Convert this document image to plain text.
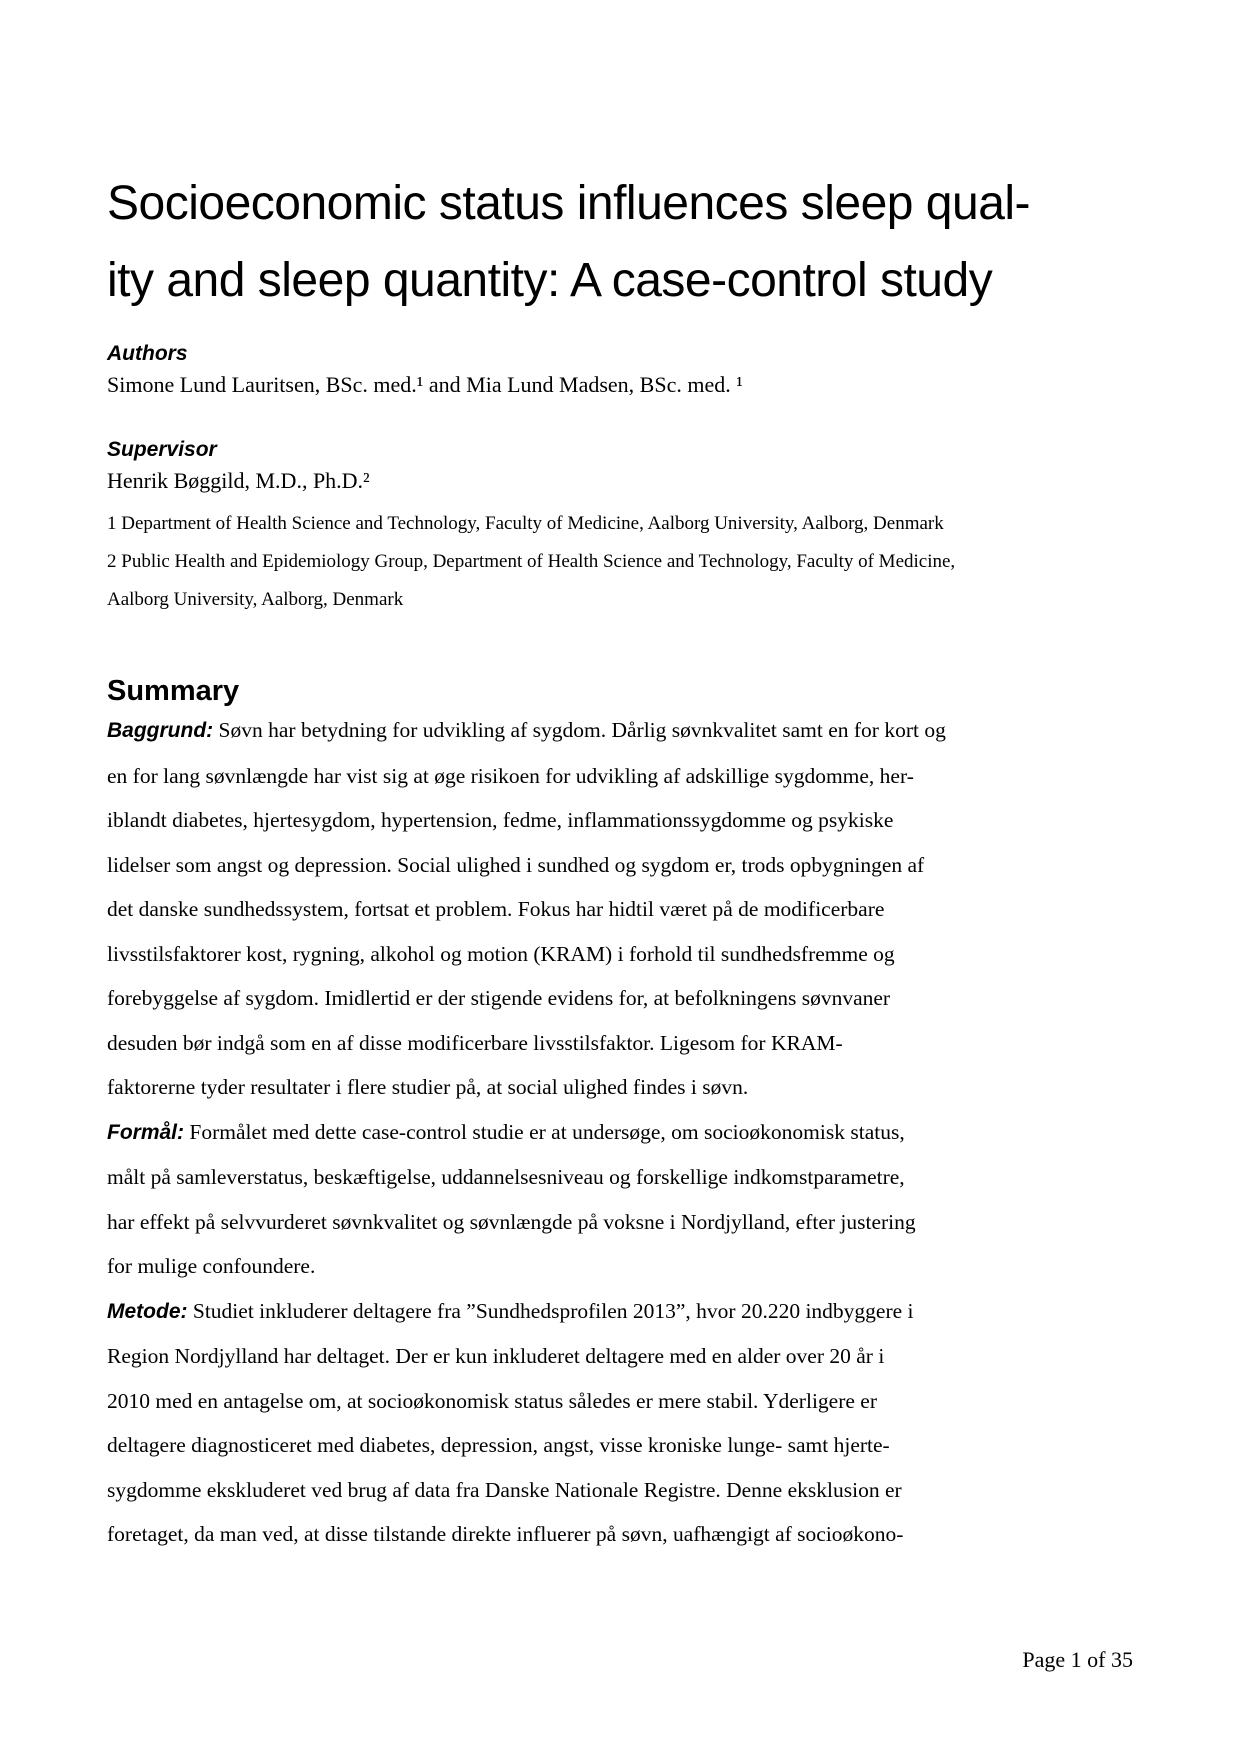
Socioeconomic status influences sleep qual-
ity and sleep quantity: A case-control study
Authors
Simone Lund Lauritsen, BSc. med.¹ and Mia Lund Madsen, BSc. med. ¹
Supervisor
Henrik Bøggild, M.D., Ph.D.²
1 Department of Health Science and Technology, Faculty of Medicine, Aalborg University, Aalborg, Denmark
2 Public Health and Epidemiology Group, Department of Health Science and Technology, Faculty of Medicine,
Aalborg University, Aalborg, Denmark
Summary
Baggrund: Søvn har betydning for udvikling af sygdom. Dårlig søvnkvalitet samt en for kort og
en for lang søvnlængde har vist sig at øge risikoen for udvikling af adskillige sygdomme, her-
iblandt diabetes, hjertesygdom, hypertension, fedme, inflammationssygdomme og psykiske
lidelser som angst og depression. Social ulighed i sundhed og sygdom er, trods opbygningen af
det danske sundhedssystem, fortsat et problem. Fokus har hidtil været på de modificerbare
livsstilsfaktorer kost, rygning, alkohol og motion (KRAM) i forhold til sundhedsfremme og
forebyggelse af sygdom. Imidlertid er der stigende evidens for, at befolkningens søvnvaner
desuden bør indgå som en af disse modificerbare livsstilsfaktor. Ligesom for KRAM-
faktorerne tyder resultater i flere studier på, at social ulighed findes i søvn.
Formål: Formålet med dette case-control studie er at undersøge, om socioøkonomisk status,
målt på samleverstatus, beskæftigelse, uddannelsesniveau og forskellige indkomstparametre,
har effekt på selvvurderet søvnkvalitet og søvnlængde på voksne i Nordjylland, efter justering
for mulige confoundere.
Metode: Studiet inkluderer deltagere fra ”Sundhedsprofilen 2013”, hvor 20.220 indbyggere i
Region Nordjylland har deltaget. Der er kun inkluderet deltagere med en alder over 20 år i
2010 med en antagelse om, at socioøkonomisk status således er mere stabil. Yderligere er
deltagere diagnosticeret med diabetes, depression, angst, visse kroniske lunge- samt hjerte-
sygdomme ekskluderet ved brug af data fra Danske Nationale Registre. Denne eksklusion er
foretaget, da man ved, at disse tilstande direkte influerer på søvn, uafhængigt af socioøkono-
Page 1 of 35
